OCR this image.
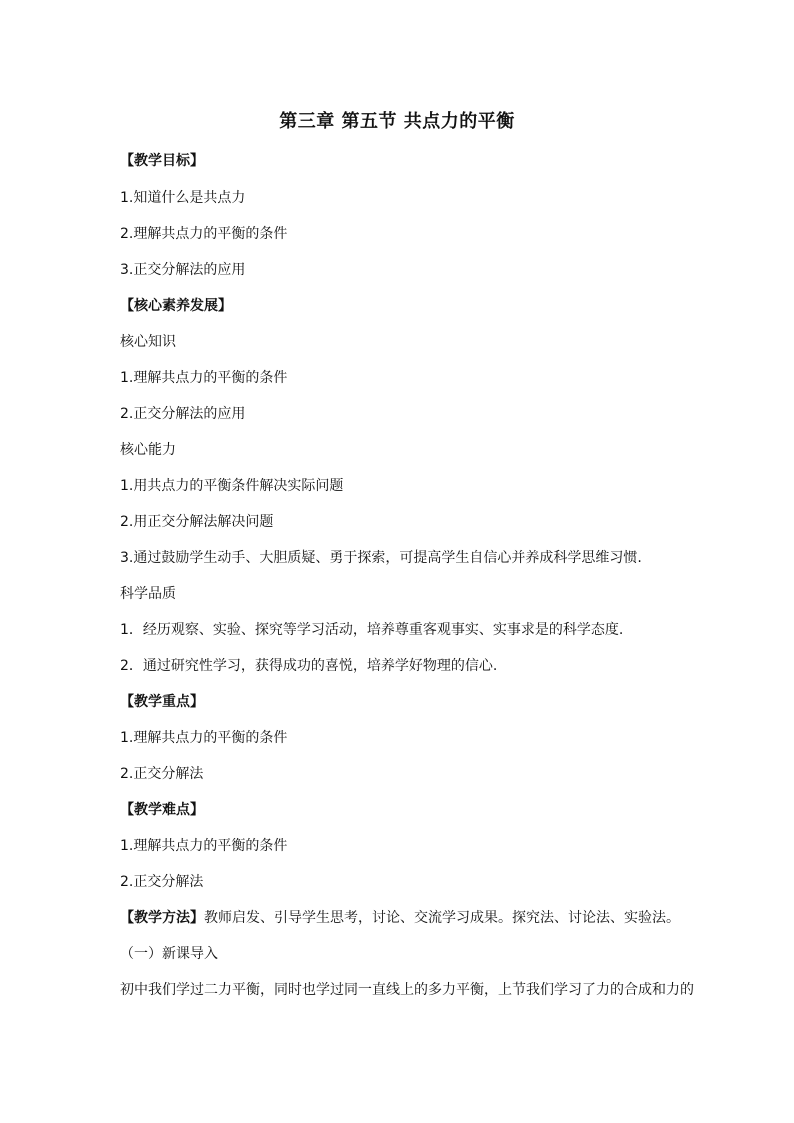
第三章 第五节 共点力的平衡
【教学目标】
1.知道什么是共点力
2.理解共点力的平衡的条件
3.正交分解法的应用
【核心素养发展】
核心知识
1.理解共点力的平衡的条件
2.正交分解法的应用
核心能力
1.用共点力的平衡条件解决实际问题
2.用正交分解法解决问题
3.通过鼓励学生动手、大胆质疑、勇于探索，可提高学生自信心并养成科学思维习惯.
科学品质
1．经历观察、实验、探究等学习活动，培养尊重客观事实、实事求是的科学态度.
2．通过研究性学习，获得成功的喜悦，培养学好物理的信心.
【教学重点】
1.理解共点力的平衡的条件
2.正交分解法
【教学难点】
1.理解共点力的平衡的条件
2.正交分解法
【教学方法】教师启发、引导学生思考，讨论、交流学习成果。探究法、讨论法、实验法。
（一）新课导入
初中我们学过二力平衡，同时也学过同一直线上的多力平衡，上节我们学习了力的合成和力的
